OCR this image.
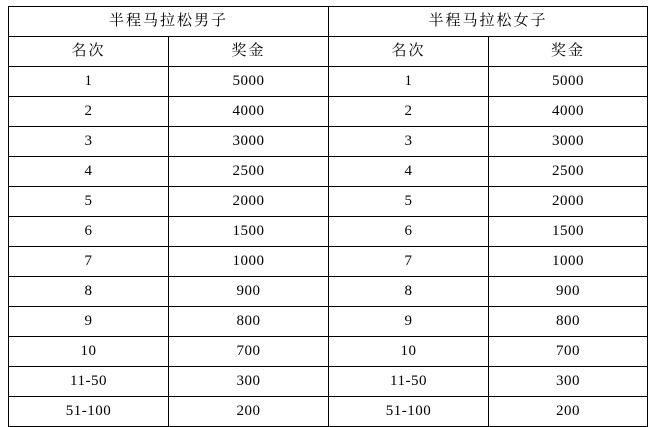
半程马拉松男子		半程马拉松女子	
名次	奖金	名次	奖金
1	5000	1	5000
2	4000	2	4000
3	3000	3	3000
4	2500	4	2500
5	2000	5	2000
6	1500	6	1500
7	1000	7	1000
8	900	8	900
9	800	9	800
10	700	10	700
11-50	300	11-50	300
51-100	200	51-100	200
